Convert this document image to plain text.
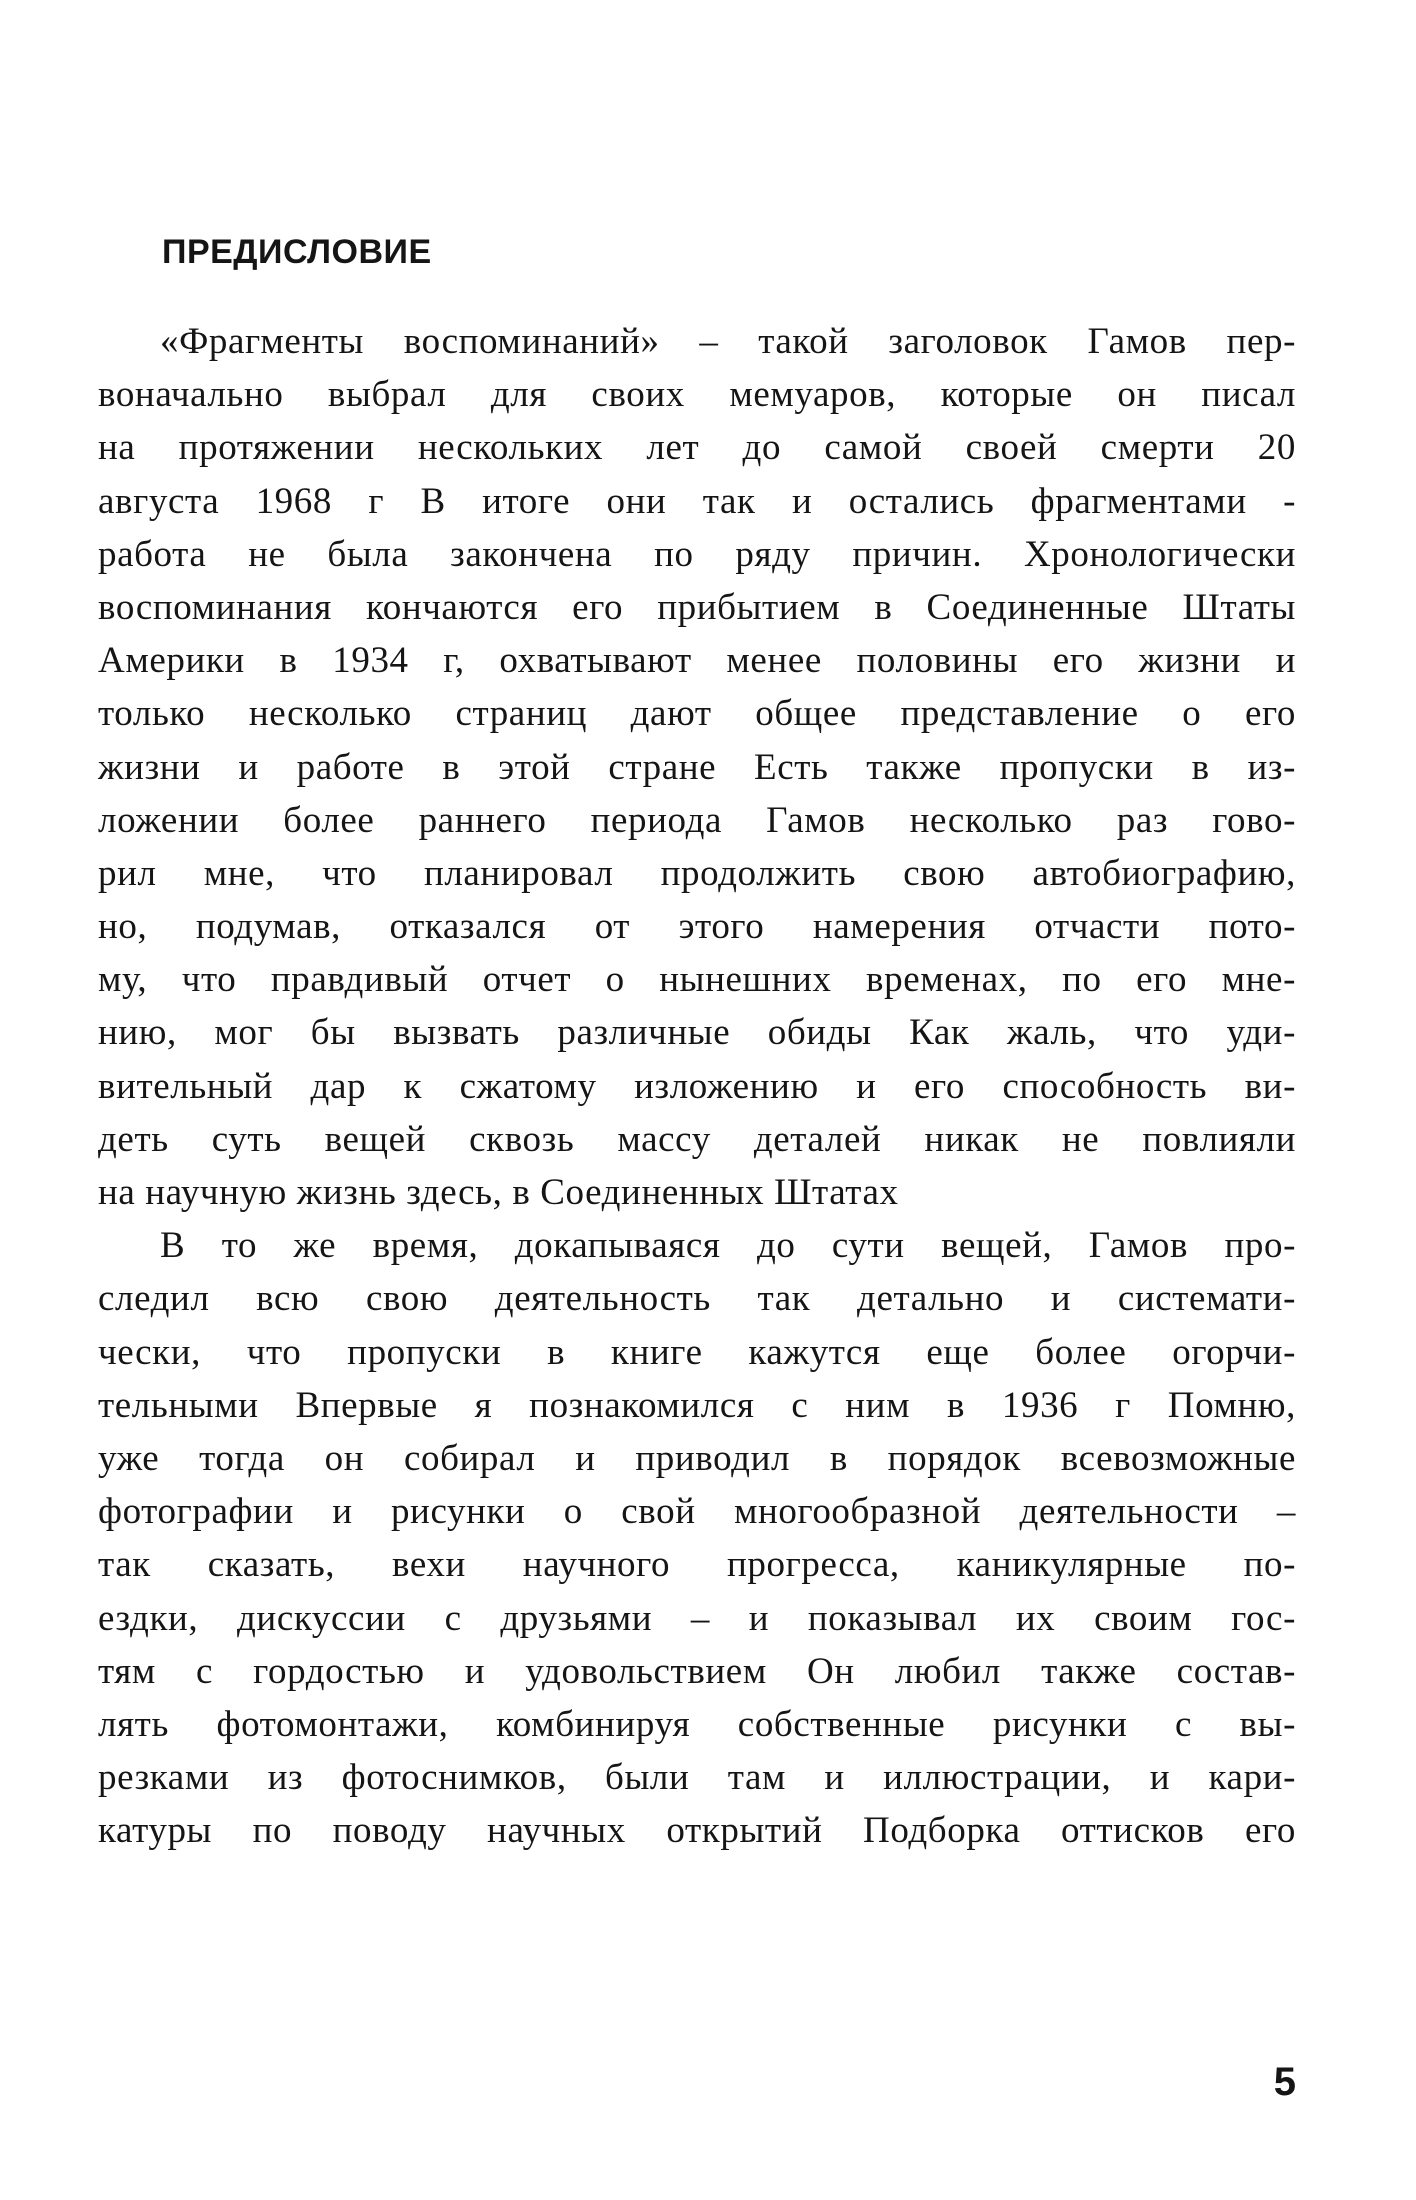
ПРЕДИСЛОВИЕ
«Фрагменты воспоминаний» – такой заголовок Гамов пер-
воначально выбрал для своих мемуаров, которые он писал
на протяжении нескольких лет до самой своей смерти 20
августа 1968 г В итоге они так и остались фрагментами -
работа не была закончена по ряду причин. Хронологически
воспоминания кончаются его прибытием в Соединенные Штаты
Америки в 1934 г, охватывают менее половины его жизни и
только несколько страниц дают общее представление о его
жизни и работе в этой стране Есть также пропуски в из-
ложении более раннего периода Гамов несколько раз гово-
рил мне, что планировал продолжить свою автобиографию,
но, подумав, отказался от этого намерения отчасти пото-
му, что правдивый отчет о нынешних временах, по его мне-
нию, мог бы вызвать различные обиды Как жаль, что уди-
вительный дар к сжатому изложению и его способность ви-
деть суть вещей сквозь массу деталей никак не повлияли
на научную жизнь здесь, в Соединенных Штатах
В то же время, докапываяся до сути вещей, Гамов про-
следил всю свою деятельность так детально и системати-
чески, что пропуски в книге кажутся еще более огорчи-
тельными Впервые я познакомился с ним в 1936 г Помню,
уже тогда он собирал и приводил в порядок всевозможные
фотографии и рисунки о свой многообразной деятельности –
так сказать, вехи научного прогресса, каникулярные по-
ездки, дискуссии с друзьями – и показывал их своим гос-
тям с гордостью и удовольствием Он любил также состав-
лять фотомонтажи, комбинируя собственные рисунки с вы-
резками из фотоснимков, были там и иллюстрации, и кари-
катуры по поводу научных открытий Подборка оттисков его
5
